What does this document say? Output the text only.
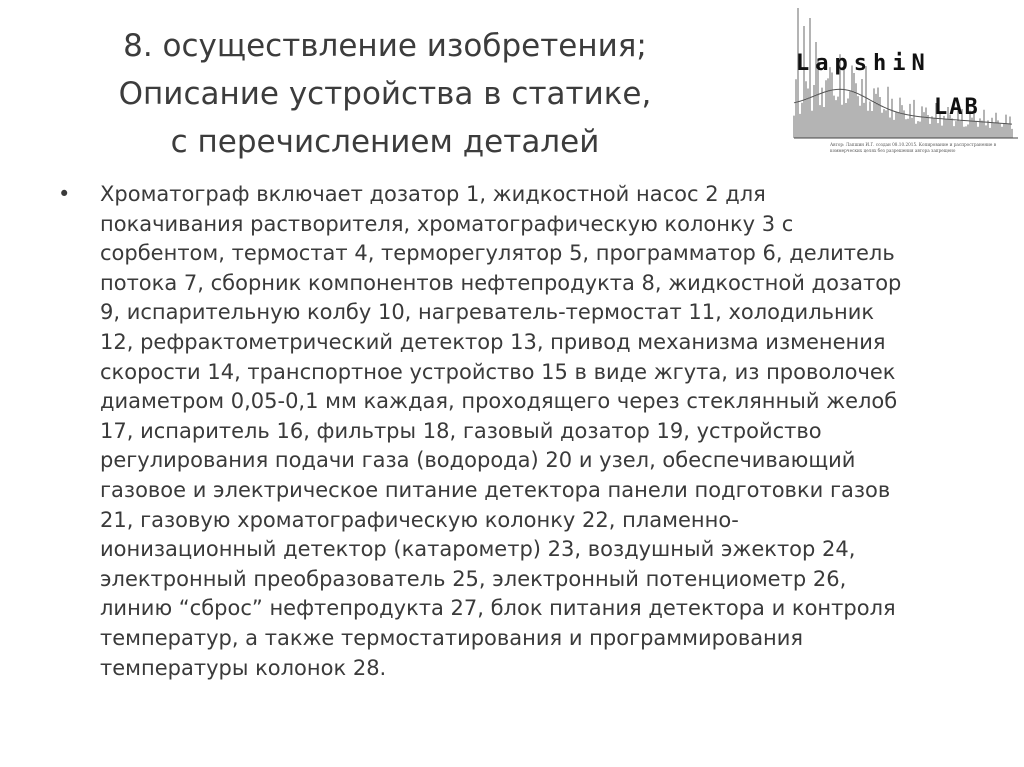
8. осуществление изобретения;
Описание устройства в статике,
с перечислением деталей
LapshiN
LAB
Автор: Лапшин И.Г. создан 08.10.2015. Копирование и распространение в
коммерческих целях без разрешения автора запрещено
• Хроматограф включает дозатор 1, жидкостной насос 2 для
покачивания растворителя, хроматографическую колонку 3 с
сорбентом, термостат 4, терморегулятор 5, программатор 6, делитель
потока 7, сборник компонентов нефтепродукта 8, жидкостной дозатор
9, испарительную колбу 10, нагреватель-термостат 11, холодильник
12, рефрактометрический детектор 13, привод механизма изменения
скорости 14, транспортное устройство 15 в виде жгута, из проволочек
диаметром 0,05-0,1 мм каждая, проходящего через стеклянный желоб
17, испаритель 16, фильтры 18, газовый дозатор 19, устройство
регулирования подачи газа (водорода) 20 и узел, обеспечивающий
газовое и электрическое питание детектора панели подготовки газов
21, газовую хроматографическую колонку 22, пламенно-
ионизационный детектор (катарометр) 23, воздушный эжектор 24,
электронный преобразователь 25, электронный потенциометр 26,
линию “сброс” нефтепродукта 27, блок питания детектора и контроля
температур, а также термостатирования и программирования
температуры колонок 28.
